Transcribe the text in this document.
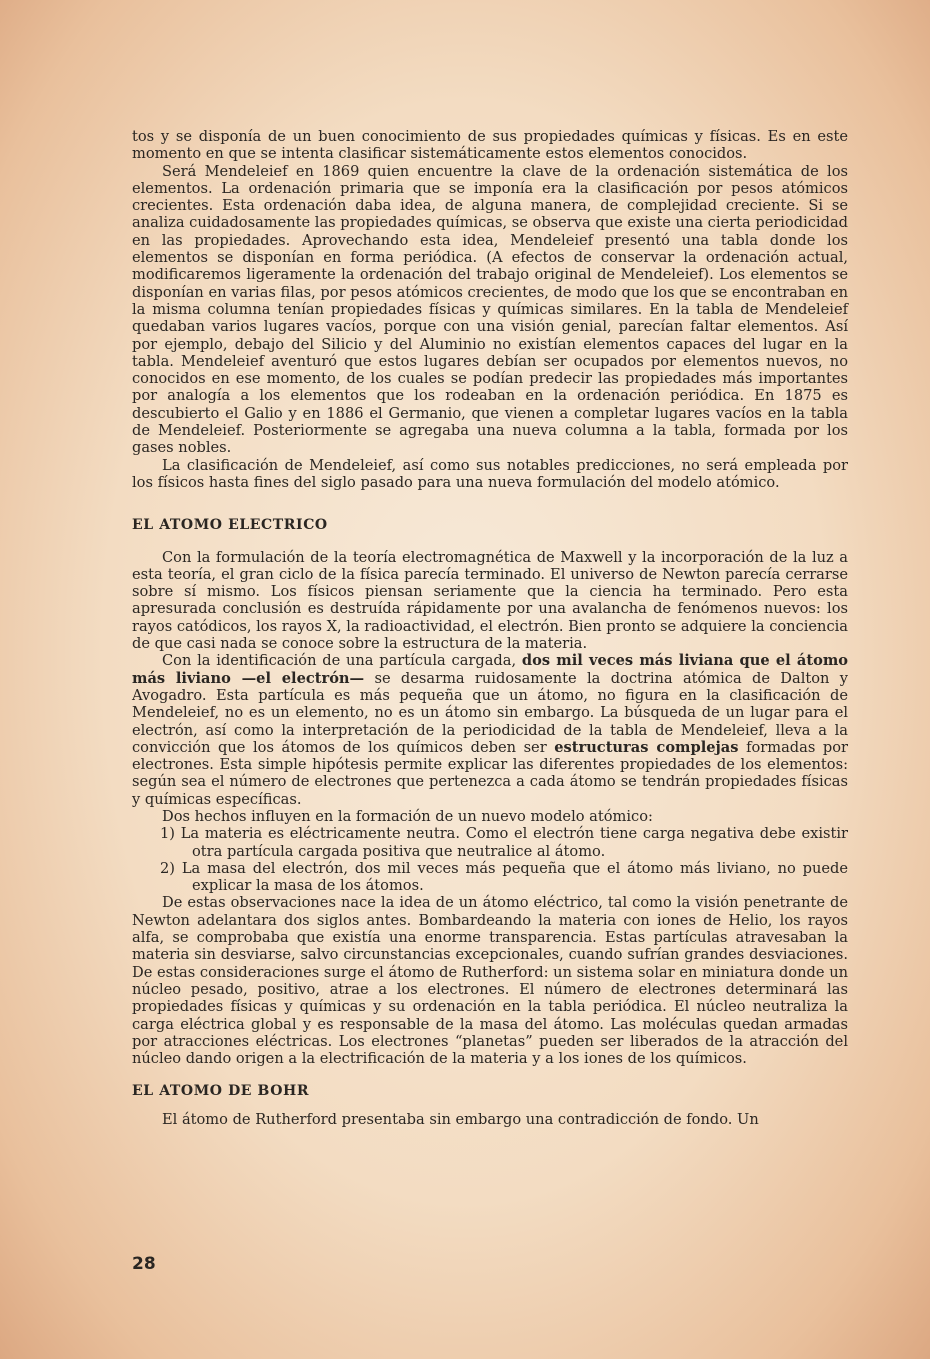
tos y se disponía de un buen conocimiento de sus propiedades químicas y físicas. Es en este momento en que se intenta clasificar sistemáticamente estos elementos conocidos.

Será Mendeleief en 1869 quien encuentre la clave de la ordenación sistemática de los elementos. La ordenación primaria que se imponía era la clasificación por pesos atómicos crecientes. Esta ordenación daba idea, de alguna manera, de complejidad creciente. Si se analiza cuidadosamente las propiedades químicas, se observa que existe una cierta periodicidad en las propiedades. Aprovechando esta idea, Mendeleief presentó una tabla donde los elementos se disponían en forma periódica. (A efectos de conservar la ordenación actual, modificaremos ligeramente la ordenación del trabajo original de Mendeleief). Los elementos se disponían en varias filas, por pesos atómicos crecientes, de modo que los que se encontraban en la misma columna tenían propiedades físicas y químicas similares. En la tabla de Mendeleief quedaban varios lugares vacíos, porque con una visión genial, parecían faltar elementos. Así por ejemplo, debajo del Silicio y del Aluminio no existían elementos capaces del lugar en la tabla. Mendeleief aventuró que estos lugares debían ser ocupados por elementos nuevos, no conocidos en ese momento, de los cuales se podían predecir las propiedades más importantes por analogía a los elementos que los rodeaban en la ordenación periódica. En 1875 es descubierto el Galio y en 1886 el Germanio, que vienen a completar lugares vacíos en la tabla de Mendeleief. Posteriormente se agregaba una nueva columna a la tabla, formada por los gases nobles.

La clasificación de Mendeleief, así como sus notables predicciones, no será empleada por los físicos hasta fines del siglo pasado para una nueva formulación del modelo atómico.

EL ATOMO ELECTRICO

Con la formulación de la teoría electromagnética de Maxwell y la incorporación de la luz a esta teoría, el gran ciclo de la física parecía terminado. El universo de Newton parecía cerrarse sobre sí mismo. Los físicos piensan seriamente que la ciencia ha terminado. Pero esta apresurada conclusión es destruída rápidamente por una avalancha de fenómenos nuevos: los rayos catódicos, los rayos X, la radioactividad, el electrón. Bien pronto se adquiere la conciencia de que casi nada se conoce sobre la estructura de la materia.

Con la identificación de una partícula cargada, dos mil veces más liviana que el átomo más liviano —el electrón— se desarma ruidosamente la doctrina atómica de Dalton y Avogadro. Esta partícula es más pequeña que un átomo, no figura en la clasificación de Mendeleief, no es un elemento, no es un átomo sin embargo. La búsqueda de un lugar para el electrón, así como la interpretación de la periodicidad de la tabla de Mendeleief, lleva a la convicción que los átomos de los químicos deben ser estructuras complejas formadas por electrones. Esta simple hipótesis permite explicar las diferentes propiedades de los elementos: según sea el número de electrones que pertenezca a cada átomo se tendrán propiedades físicas y químicas específicas.

Dos hechos influyen en la formación de un nuevo modelo atómico:

1) La materia es eléctricamente neutra. Como el electrón tiene carga negativa debe existir otra partícula cargada positiva que neutralice al átomo.

2) La masa del electrón, dos mil veces más pequeña que el átomo más liviano, no puede explicar la masa de los átomos.

De estas observaciones nace la idea de un átomo eléctrico, tal como la visión penetrante de Newton adelantara dos siglos antes. Bombardeando la materia con iones de Helio, los rayos alfa, se comprobaba que existía una enorme transparencia. Estas partículas atravesaban la materia sin desviarse, salvo circunstancias excepcionales, cuando sufrían grandes desviaciones. De estas consideraciones surge el átomo de Rutherford: un sistema solar en miniatura donde un núcleo pesado, positivo, atrae a los electrones. El número de electrones determinará las propiedades físicas y químicas y su ordenación en la tabla periódica. El núcleo neutraliza la carga eléctrica global y es responsable de la masa del átomo. Las moléculas quedan armadas por atracciones eléctricas. Los electrones “planetas” pueden ser liberados de la atracción del núcleo dando origen a la electrificación de la materia y a los iones de los químicos.

EL ATOMO DE BOHR

El átomo de Rutherford presentaba sin embargo una contradicción de fondo. Un

28
